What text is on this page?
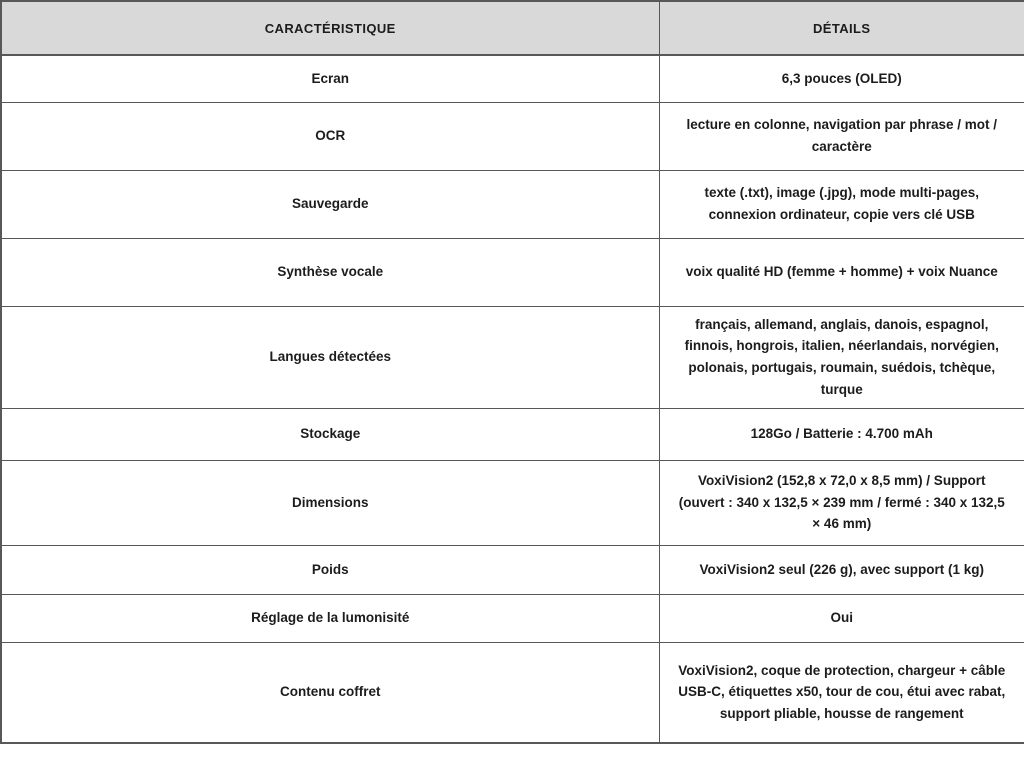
CARACTÉRISTIQUE	DÉTAILS
Ecran	6,3 pouces (OLED)
OCR	lecture en colonne, navigation par phrase / mot / caractère
Sauvegarde	texte (.txt), image (.jpg), mode multi-pages, connexion ordinateur, copie vers clé USB
Synthèse vocale	voix qualité HD (femme + homme) + voix Nuance
Langues détectées	français, allemand, anglais, danois, espagnol, finnois, hongrois, italien, néerlandais, norvégien, polonais, portugais, roumain, suédois, tchèque, turque
Stockage	128Go / Batterie : 4.700 mAh
Dimensions	VoxiVision2 (152,8 x 72,0 x 8,5 mm) / Support (ouvert : 340 x 132,5 × 239 mm / fermé : 340 x 132,5 × 46 mm)
Poids	VoxiVision2 seul (226 g), avec support (1 kg)
Réglage de la lumonisité	Oui
Contenu coffret	VoxiVision2, coque de protection, chargeur + câble USB-C, étiquettes x50, tour de cou, étui avec rabat, support pliable, housse de rangement
